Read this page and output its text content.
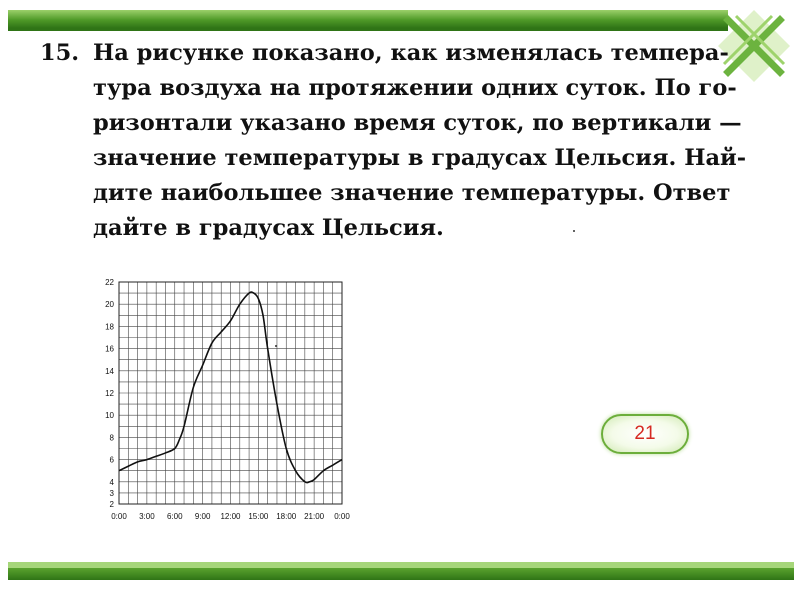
15. На рисунке показано, как изменялась темпера-
тура воздуха на протяжении одних суток. По го-
ризонтали указано время суток, по вертикали —
значение температуры в градусах Цельсия. Най-
дите наибольшее значение температуры. Ответ
дайте в градусах Цельсия.
2
3
4
6
8
10
12
14
16
18
20
22
0:00 3:00 6:00 9:00 12:00 15:00 18:00 21:00 0:00
21
